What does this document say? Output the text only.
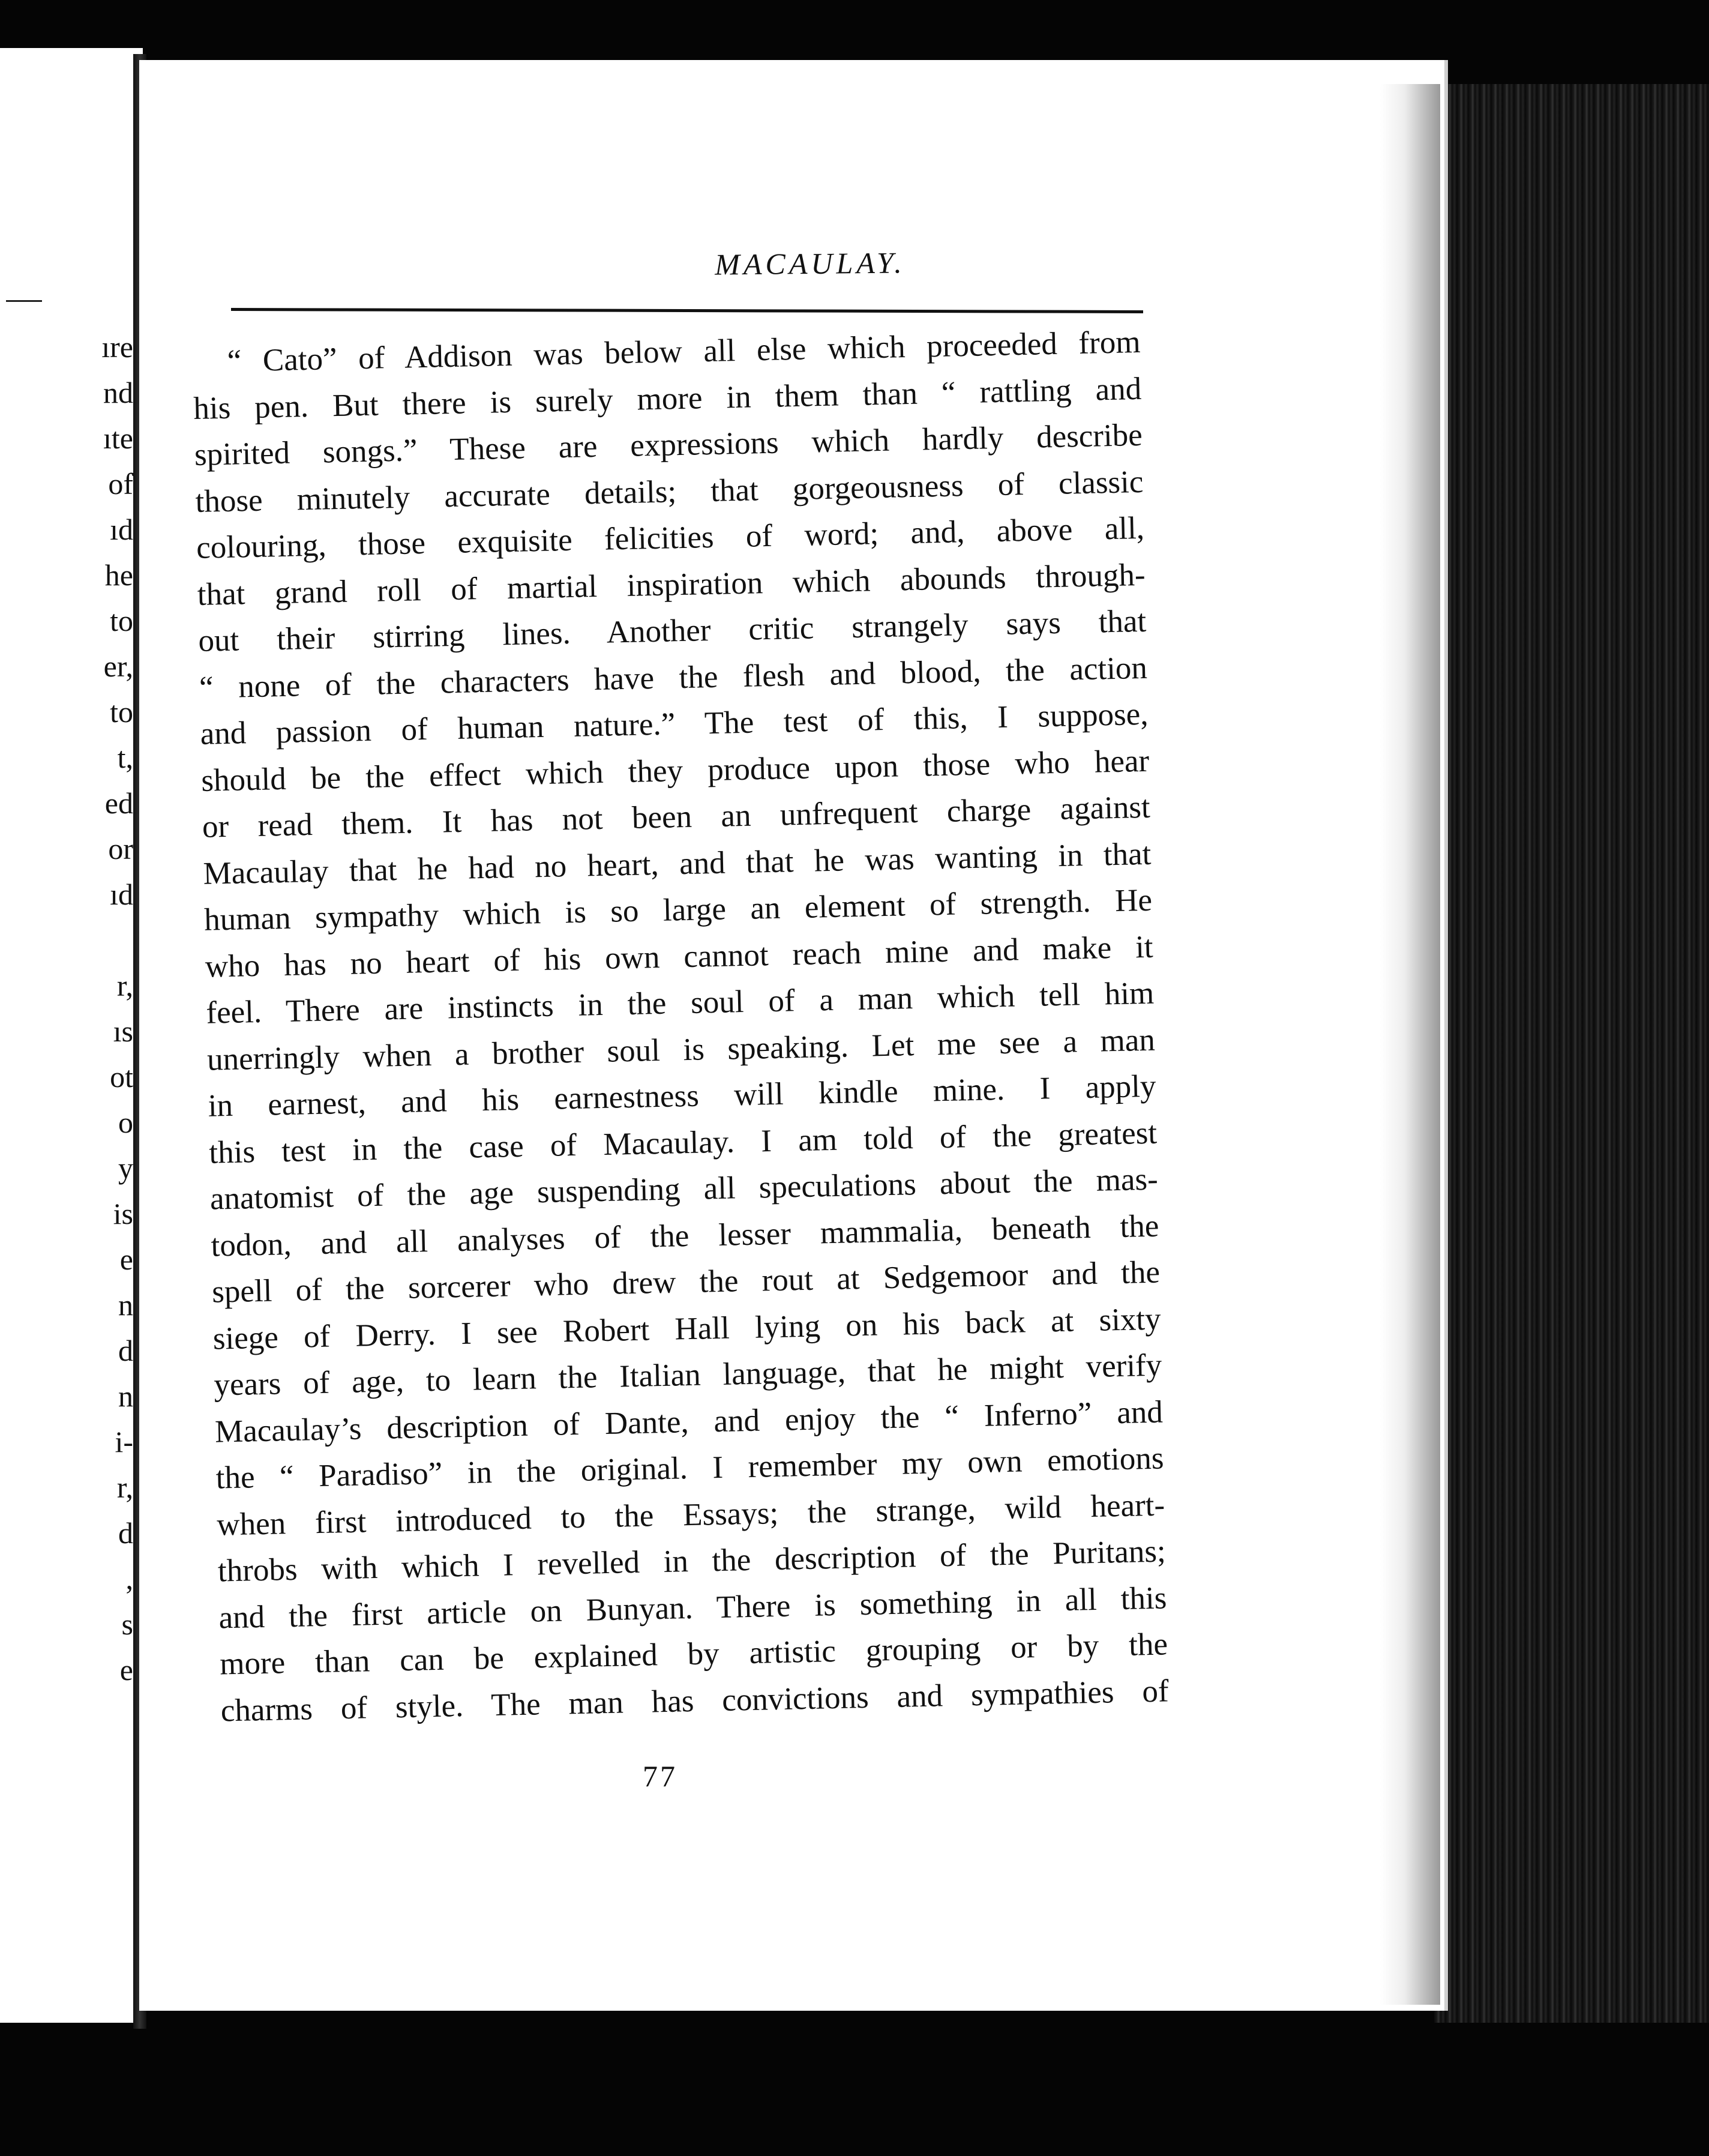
ıre
nd
ıte
of
ıd
he
to
er,
to
t,
ed
or
ıd
r,
ıs
ot
o
y
is
e
n
d
n
i-
r,
d
,
s
e
MACAULAY.
“ Cato” of Addison was below all else which proceeded from
his pen. But there is surely more in them than “ rattling and
spirited songs.” These are expressions which hardly describe
those minutely accurate details; that gorgeousness of classic
colouring, those exquisite felicities of word; and, above all,
that grand roll of martial inspiration which abounds through-
out their stirring lines. Another critic strangely says that
“ none of the characters have the flesh and blood, the action
and passion of human nature.” The test of this, I suppose,
should be the effect which they produce upon those who hear
or read them. It has not been an unfrequent charge against
Macaulay that he had no heart, and that he was wanting in that
human sympathy which is so large an element of strength. He
who has no heart of his own cannot reach mine and make it
feel. There are instincts in the soul of a man which tell him
unerringly when a brother soul is speaking. Let me see a man
in earnest, and his earnestness will kindle mine. I apply
this test in the case of Macaulay. I am told of the greatest
anatomist of the age suspending all speculations about the mas-
todon, and all analyses of the lesser mammalia, beneath the
spell of the sorcerer who drew the rout at Sedgemoor and the
siege of Derry. I see Robert Hall lying on his back at sixty
years of age, to learn the Italian language, that he might verify
Macaulay’s description of Dante, and enjoy the “ Inferno” and
the “ Paradiso” in the original. I remember my own emotions
when first introduced to the Essays; the strange, wild heart-
throbs with which I revelled in the description of the Puritans;
and the first article on Bunyan. There is something in all this
more than can be explained by artistic grouping or by the
charms of style. The man has convictions and sympathies of
77
